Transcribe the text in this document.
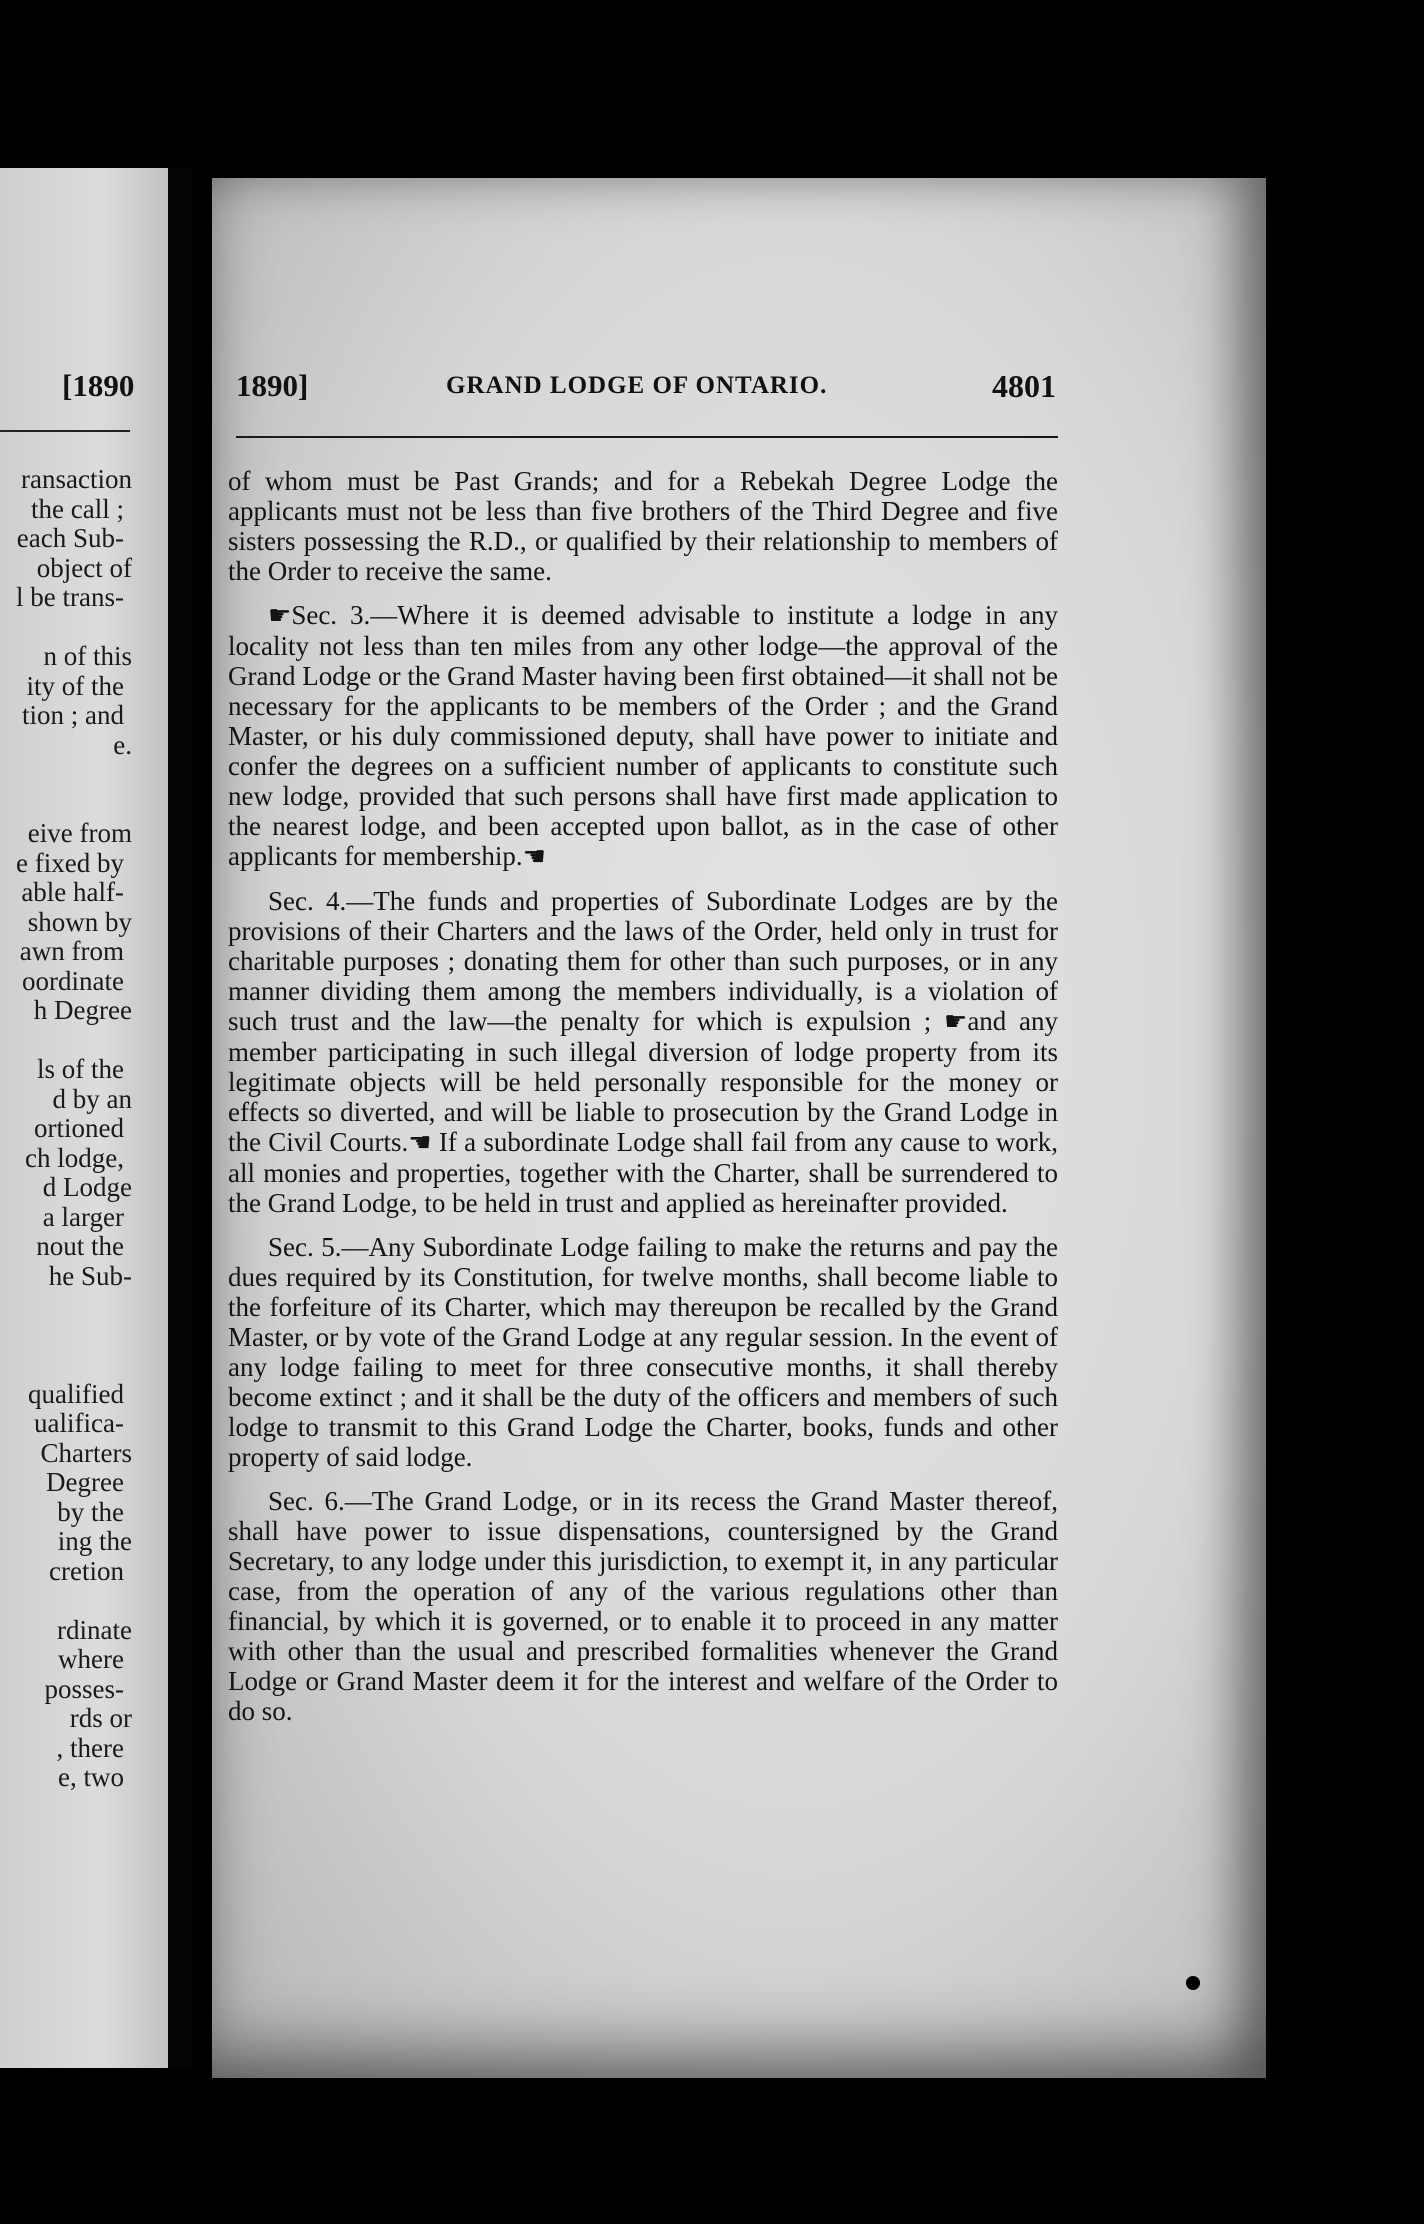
[1890
ransaction
the call ;
each Sub-
object of
l be trans-
n of this
ity of the
tion ; and
e.
eive from
e fixed by
able half-
shown by
awn from
oordinate
h Degree
ls of the
d by an
ortioned
ch lodge,
d Lodge
a larger
nout the
he Sub-
qualified
ualifica-
Charters
Degree
by the
ing the
cretion
rdinate
where
posses-
rds or
, there
e, two
1890]	GRAND LODGE OF ONTARIO.	4801

of whom must be Past Grands; and for a Rebekah Degree Lodge the applicants must not be less than five brothers of the Third Degree and five sisters possessing the R.D., or qualified by their relationship to members of the Order to receive the same.

☛Sec. 3.—Where it is deemed advisable to institute a lodge in any locality not less than ten miles from any other lodge—the approval of the Grand Lodge or the Grand Master having been first obtained—it shall not be necessary for the applicants to be members of the Order ; and the Grand Master, or his duly commissioned deputy, shall have power to initiate and confer the degrees on a sufficient number of applicants to constitute such new lodge, provided that such persons shall have first made application to the nearest lodge, and been accepted upon ballot, as in the case of other applicants for membership.☚

Sec. 4.—The funds and properties of Subordinate Lodges are by the provisions of their Charters and the laws of the Order, held only in trust for charitable purposes ; donating them for other than such purposes, or in any manner dividing them among the members individually, is a violation of such trust and the law—the penalty for which is expulsion ; ☛and any member participating in such illegal diversion of lodge property from its legitimate objects will be held personally responsible for the money or effects so diverted, and will be liable to prosecution by the Grand Lodge in the Civil Courts.☚ If a subordinate Lodge shall fail from any cause to work, all monies and properties, together with the Charter, shall be surrendered to the Grand Lodge, to be held in trust and applied as hereinafter provided.

Sec. 5.—Any Subordinate Lodge failing to make the returns and pay the dues required by its Constitution, for twelve months, shall become liable to the forfeiture of its Charter, which may thereupon be recalled by the Grand Master, or by vote of the Grand Lodge at any regular session. In the event of any lodge failing to meet for three consecutive months, it shall thereby become extinct ; and it shall be the duty of the officers and members of such lodge to transmit to this Grand Lodge the Charter, books, funds and other property of said lodge.

Sec. 6.—The Grand Lodge, or in its recess the Grand Master thereof, shall have power to issue dispensations, countersigned by the Grand Secretary, to any lodge under this jurisdiction, to exempt it, in any particular case, from the operation of any of the various regulations other than financial, by which it is governed, or to enable it to proceed in any matter with other than the usual and prescribed formalities whenever the Grand Lodge or Grand Master deem it for the interest and welfare of the Order to do so.
